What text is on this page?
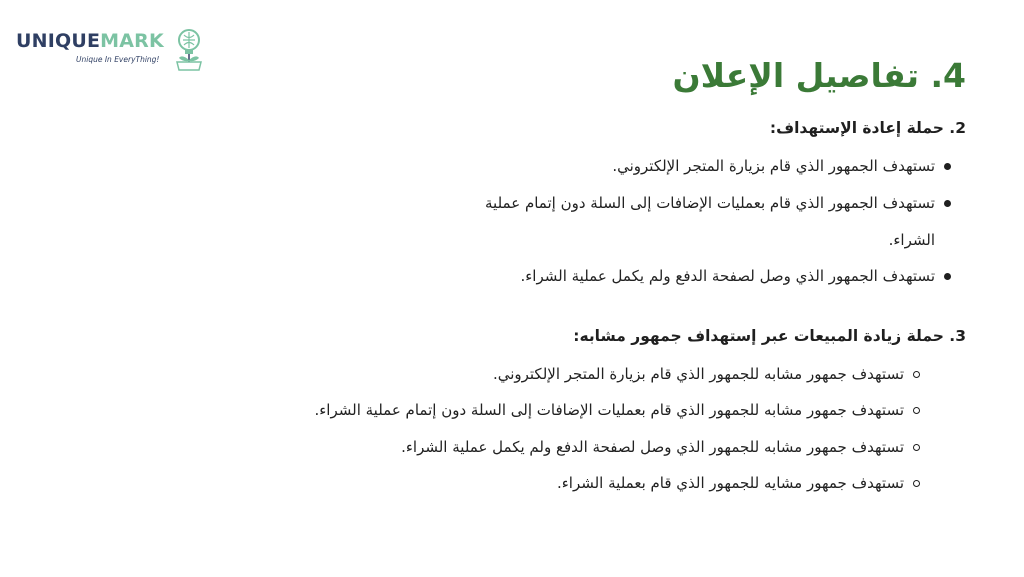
UNIQUEMARK
Unique In EveryThing!	4. تفاصيل الإعلان
2. حملة إعادة الإستهداف:
تستهدف الجمهور الذي قام بزيارة المتجر الإلكتروني.
تستهدف الجمهور الذي قام بعمليات الإضافات إلى السلة دون إتمام عملية
الشراء.
تستهدف الجمهور الذي وصل لصفحة الدفع ولم يكمل عملية الشراء.
3. حملة زيادة المبيعات عبر إستهداف جمهور مشابه:
تستهدف جمهور مشابه للجمهور الذي قام بزيارة المتجر الإلكتروني.
تستهدف جمهور مشابه للجمهور الذي قام بعمليات الإضافات إلى السلة دون إتمام عملية الشراء.
تستهدف جمهور مشابه للجمهور الذي وصل لصفحة الدفع ولم يكمل عملية الشراء.
تستهدف جمهور مشايه للجمهور الذي قام بعملية الشراء.
